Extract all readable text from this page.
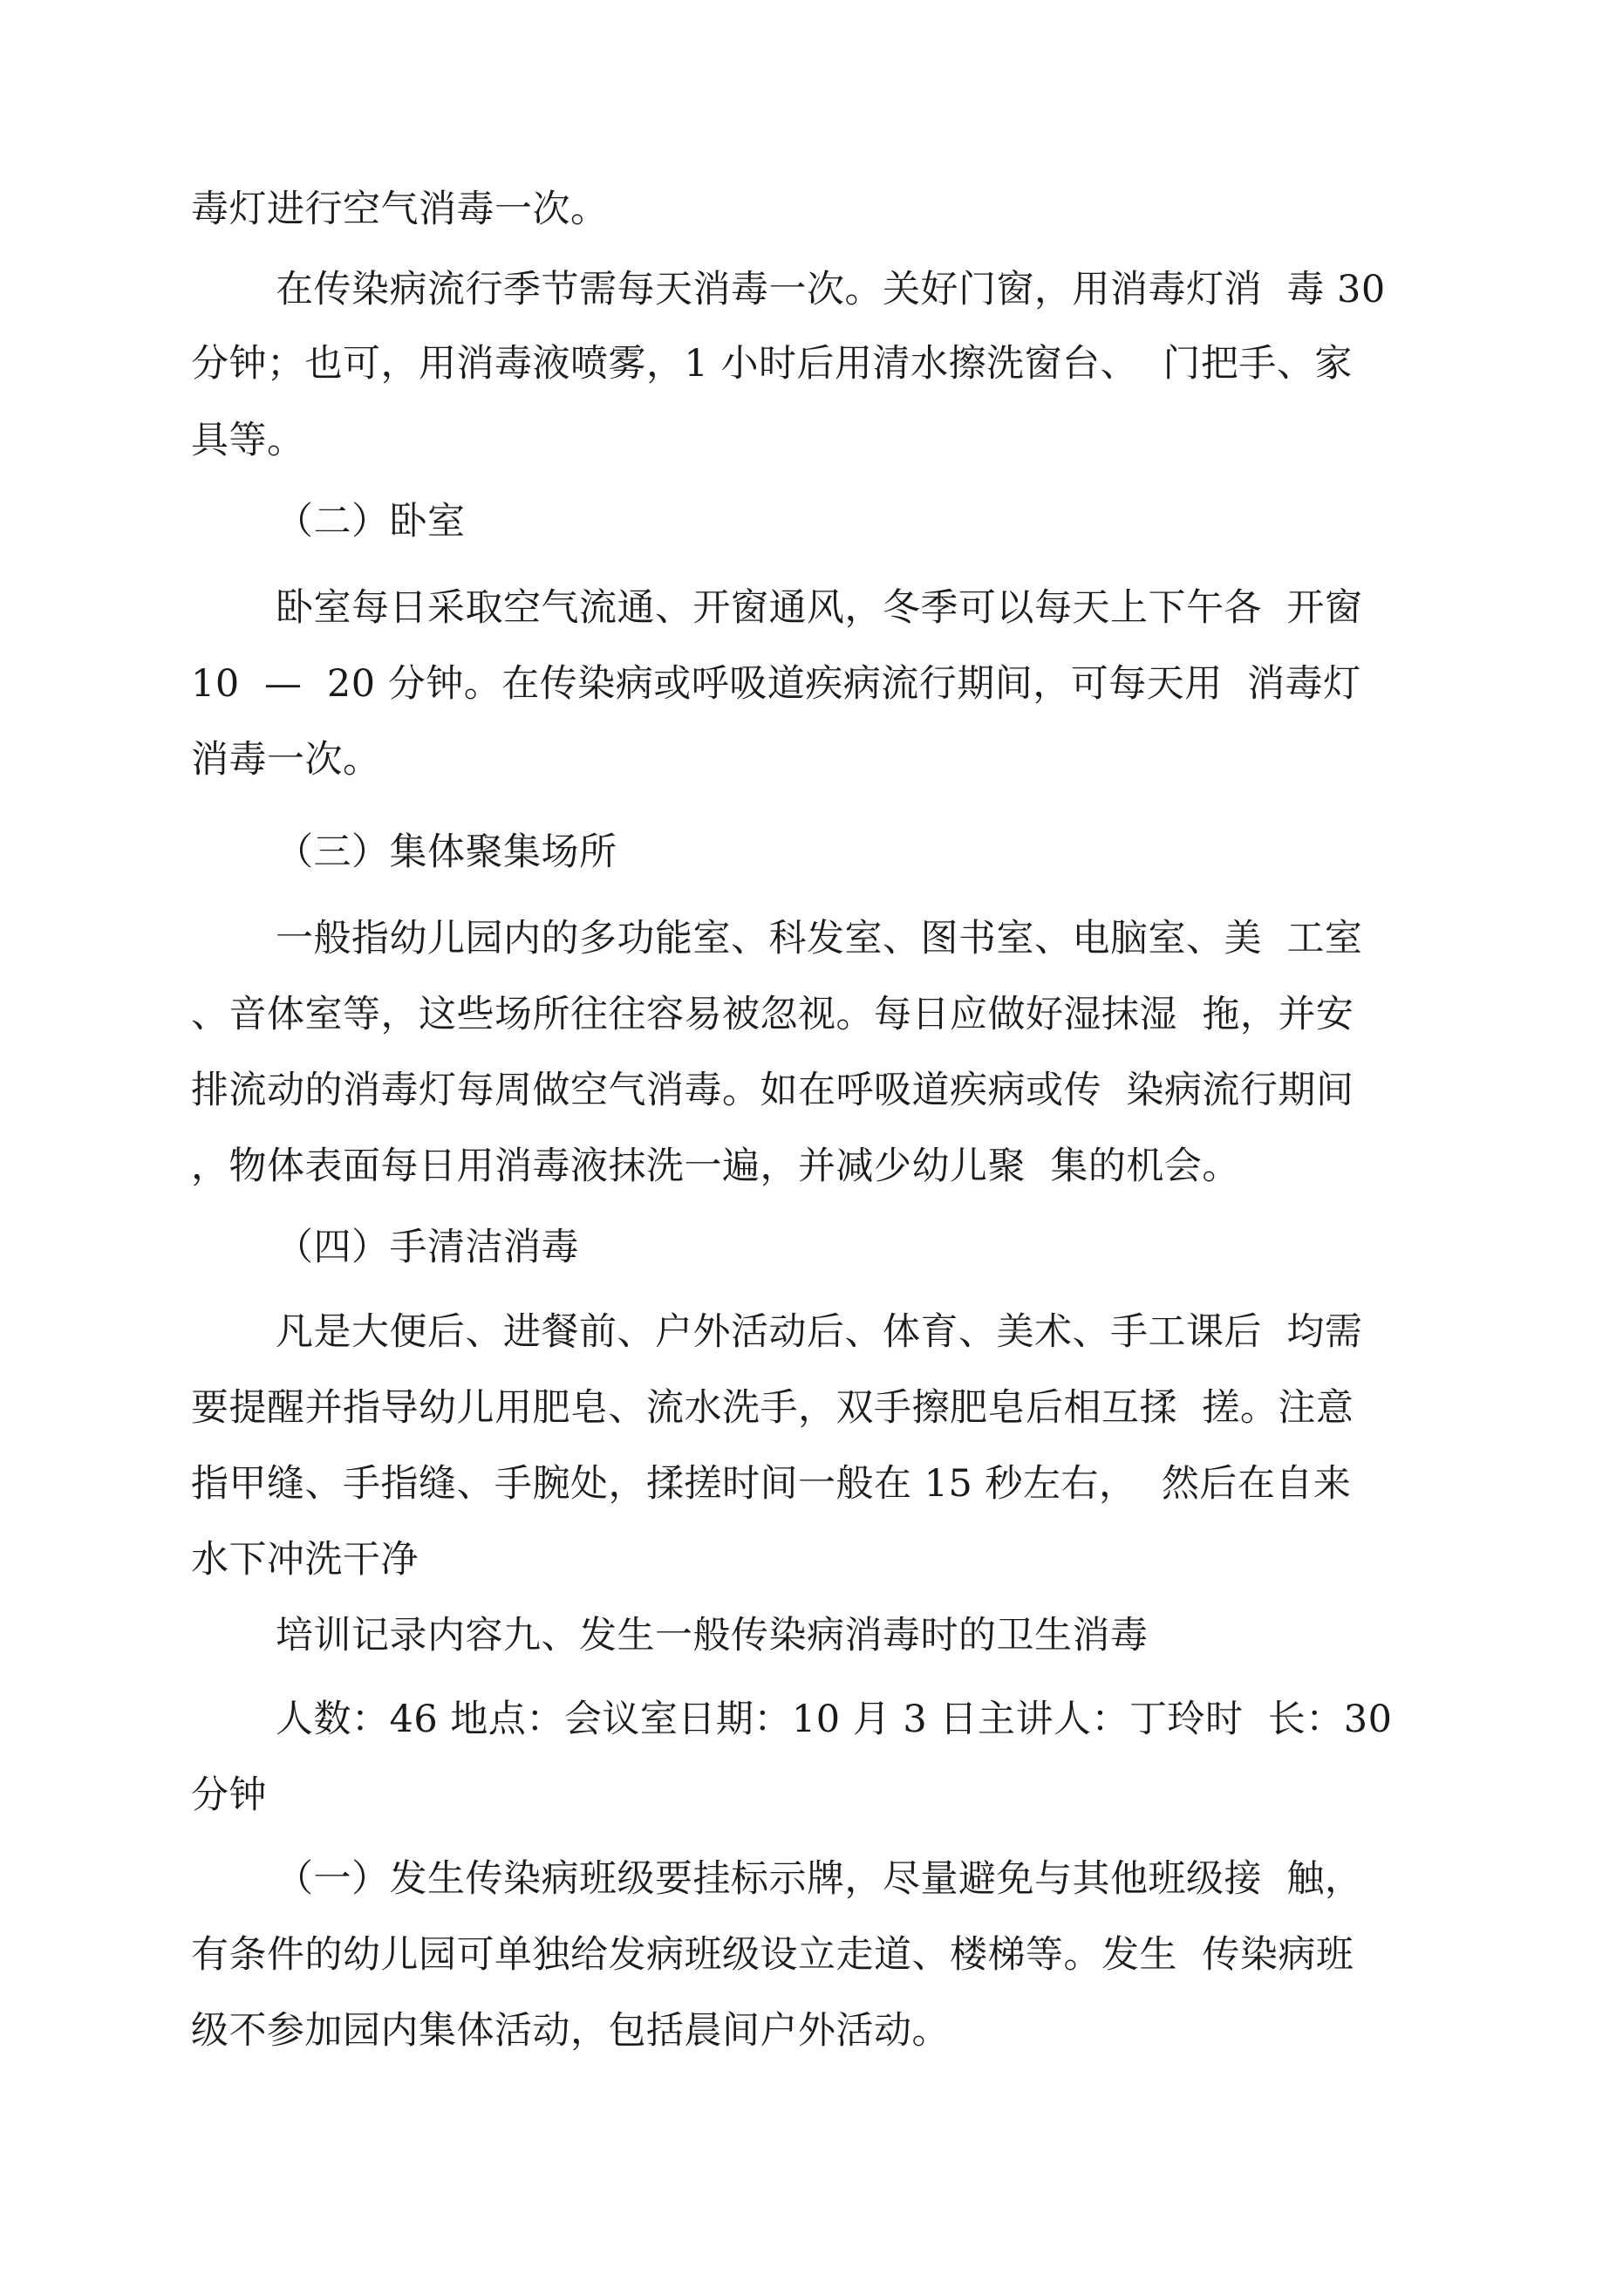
毒灯进行空气消毒一次。
在传染病流行季节需每天消毒一次。关好门窗，用消毒灯消  毒 30
分钟；也可，用消毒液喷雾，1 小时后用清水擦洗窗台、  门把手、家
具等。
（二）卧室
卧室每日采取空气流通、开窗通风，冬季可以每天上下午各  开窗
10  —  20 分钟。在传染病或呼吸道疾病流行期间，可每天用  消毒灯
消毒一次。
（三）集体聚集场所
一般指幼儿园内的多功能室、科发室、图书室、电脑室、美  工室
、音体室等，这些场所往往容易被忽视。每日应做好湿抹湿  拖，并安
排流动的消毒灯每周做空气消毒。如在呼吸道疾病或传  染病流行期间
，物体表面每日用消毒液抹洗一遍，并减少幼儿聚  集的机会。
（四）手清洁消毒
凡是大便后、进餐前、户外活动后、体育、美术、手工课后  均需
要提醒并指导幼儿用肥皂、流水洗手，双手擦肥皂后相互揉  搓。注意
指甲缝、手指缝、手腕处，揉搓时间一般在 15 秒左右，  然后在自来
水下冲洗干净
培训记录内容九、发生一般传染病消毒时的卫生消毒
人数：46 地点：会议室日期：10 月 3 日主讲人：丁玲时  长：30
分钟
（一）发生传染病班级要挂标示牌，尽量避免与其他班级接  触，
有条件的幼儿园可单独给发病班级设立走道、楼梯等。发生  传染病班
级不参加园内集体活动，包括晨间户外活动。
